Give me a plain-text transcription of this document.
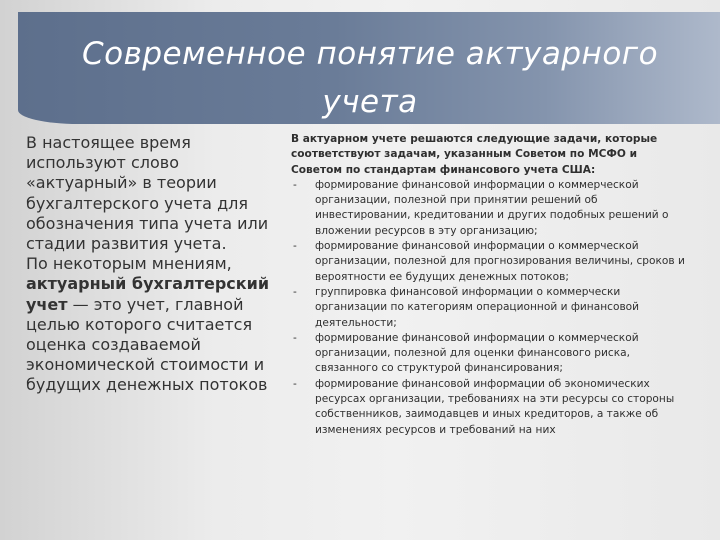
Современное понятие актуарного
учета

В настоящее время используют слово «актуарный» в теории бухгалтерского учета для обозначения типа учета или стадии развития учета.

По некоторым мнениям, актуарный бухгалтерский учет — это учет, главной целью которого считается оценка создаваемой экономической стоимости и будущих денежных потоков

В актуарном учете решаются следующие задачи, которые соответствуют задачам, указанным Советом по МСФО и Советом по стандартам финансового учета США:

- формирование финансовой информации о коммерческой организации, полезной при принятии решений об инвестировании, кредитовании и других подобных решений о вложении ресурсов в эту организацию;
- формирование финансовой информации о коммерческой организации, полезной для прогнозирования величины, сроков и вероятности ее будущих денежных потоков;
- группировка финансовой информации о коммерчески организации по категориям операционной и финансовой деятельности;
- формирование финансовой информации о коммерческой организации, полезной для оценки финансового риска, связанного со структурой финансирования;
- формирование финансовой информации об экономических ресурсах организации, требованиях на эти ресурсы со стороны собственников, заимодавцев и иных кредиторов, а также об изменениях ресурсов и требований на них
